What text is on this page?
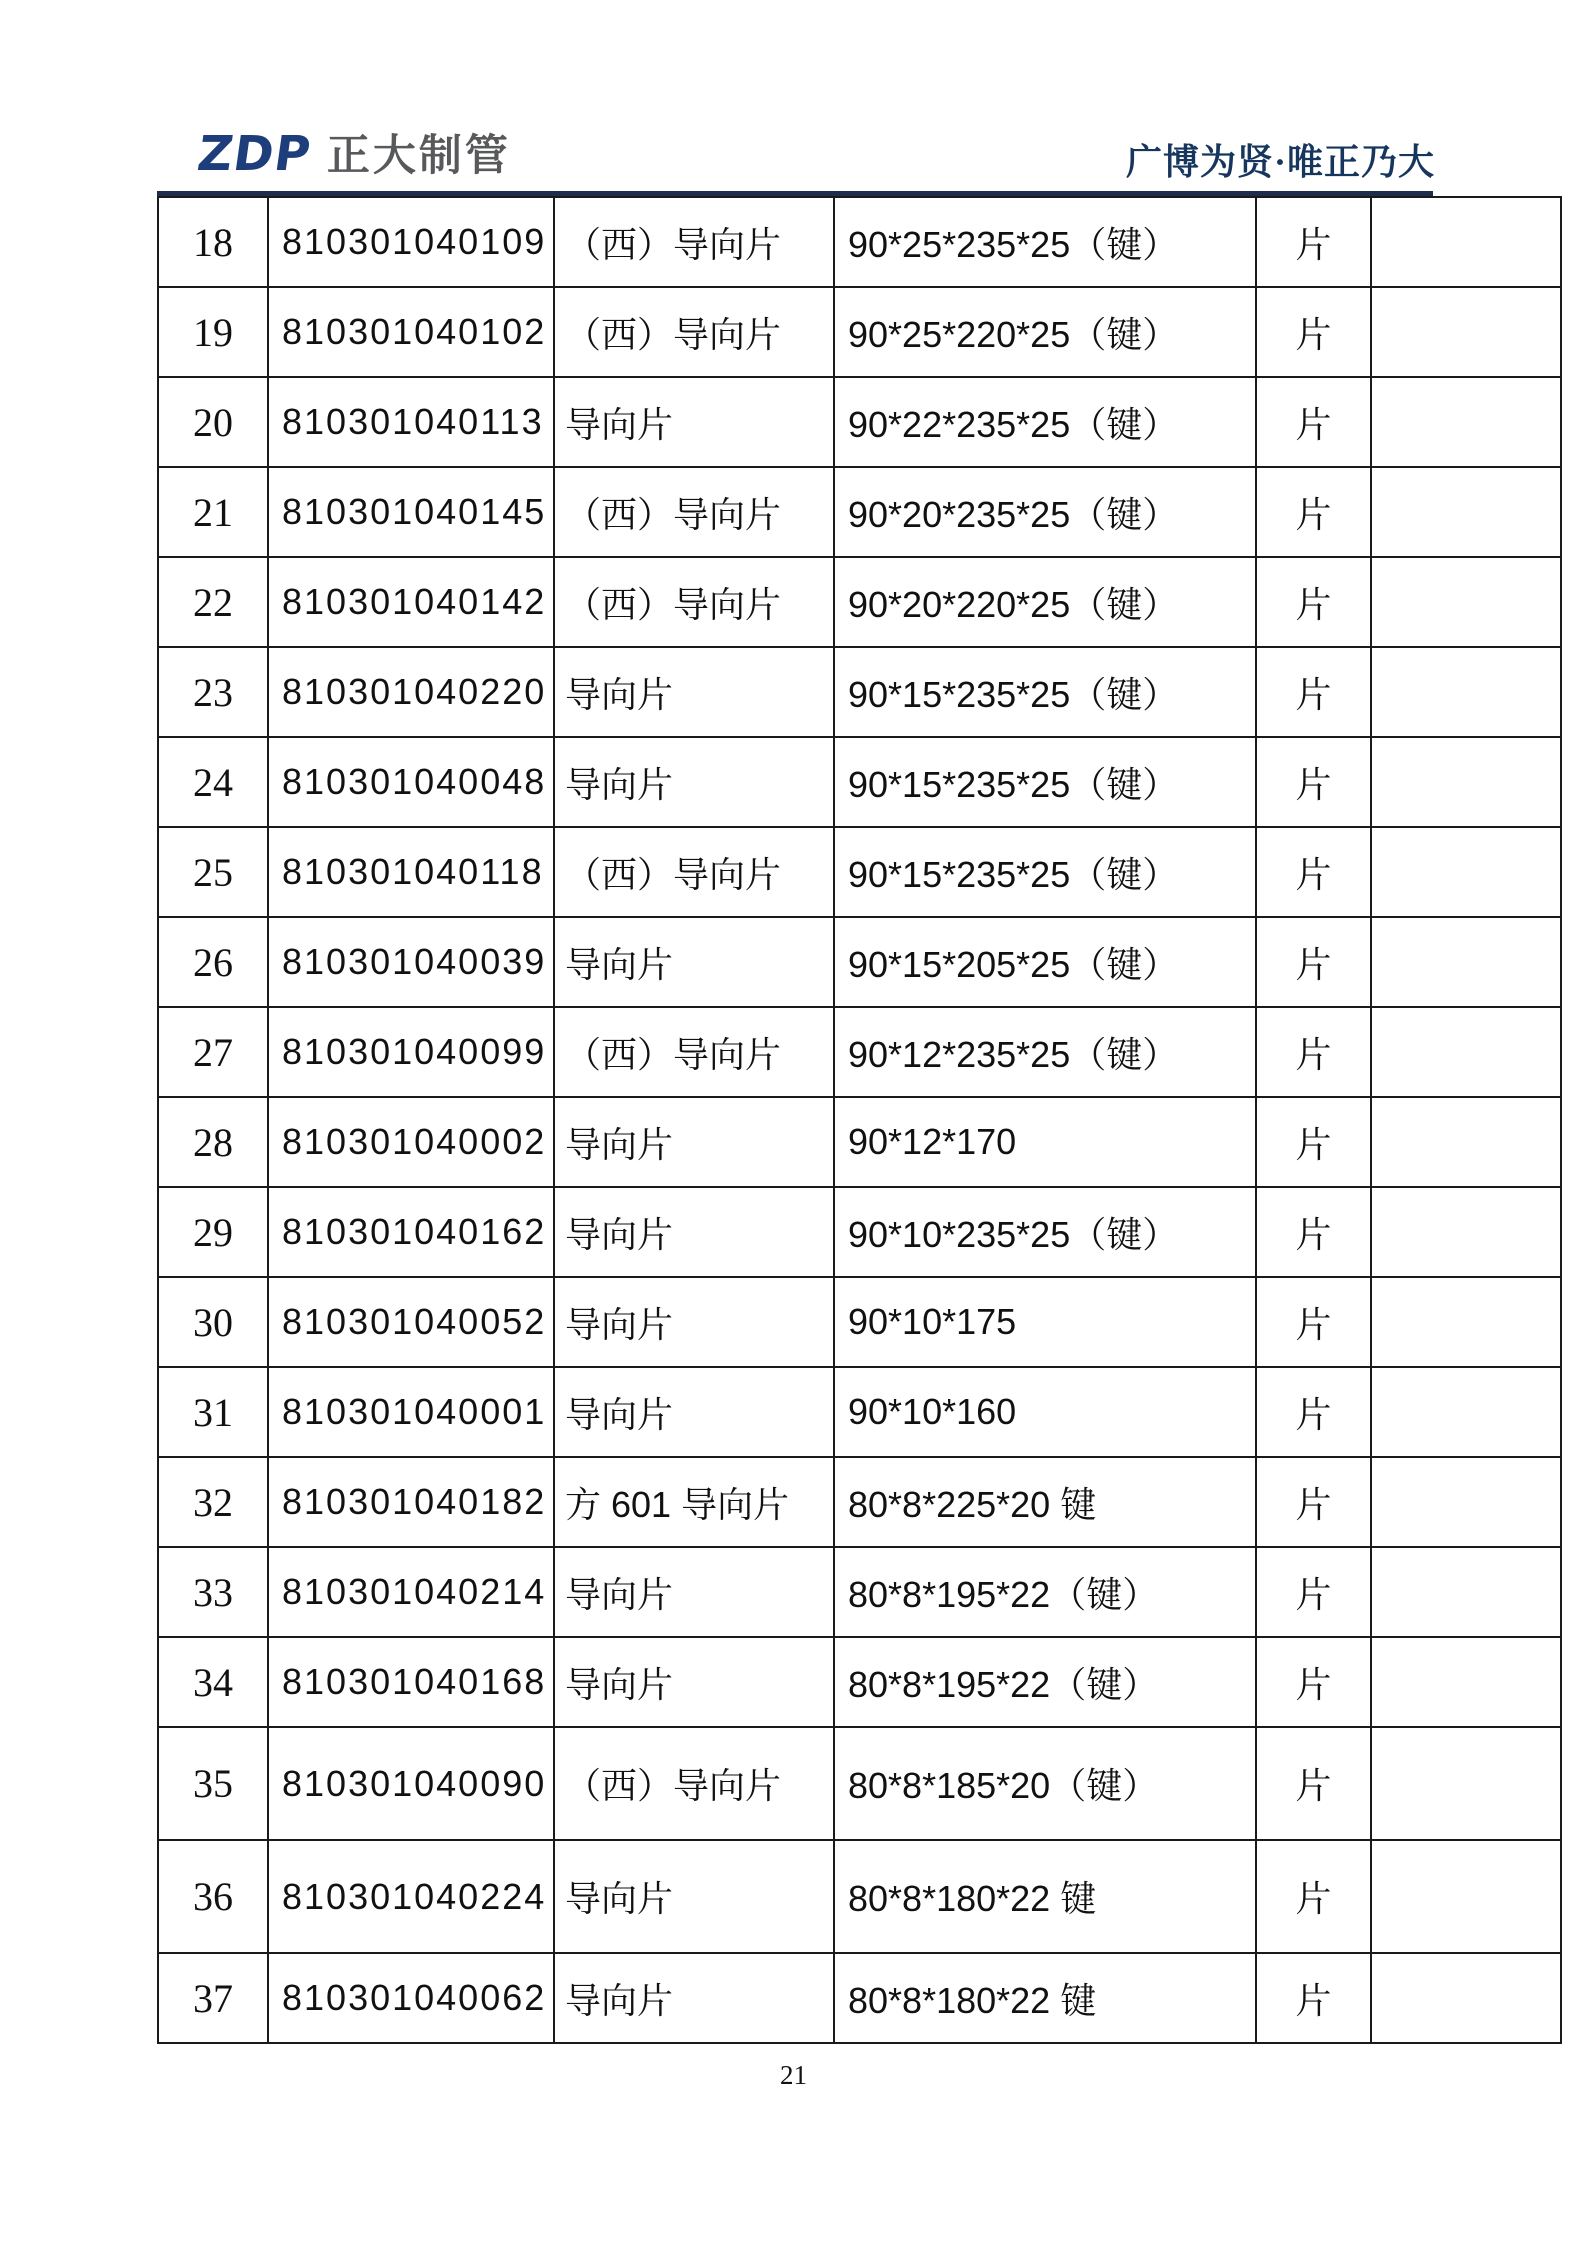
ZDP 正大制管	广博为贤·唯正乃大
18	810301040109	（西）导向片	90*25*235*25（键）	片	
19	810301040102	（西）导向片	90*25*220*25（键）	片	
20	810301040113	导向片	90*22*235*25（键）	片	
21	810301040145	（西）导向片	90*20*235*25（键）	片	
22	810301040142	（西）导向片	90*20*220*25（键）	片	
23	810301040220	导向片	90*15*235*25（键）	片	
24	810301040048	导向片	90*15*235*25（键）	片	
25	810301040118	（西）导向片	90*15*235*25（键）	片	
26	810301040039	导向片	90*15*205*25（键）	片	
27	810301040099	（西）导向片	90*12*235*25（键）	片	
28	810301040002	导向片	90*12*170	片	
29	810301040162	导向片	90*10*235*25（键）	片	
30	810301040052	导向片	90*10*175	片	
31	810301040001	导向片	90*10*160	片	
32	810301040182	方 601 导向片	80*8*225*20 键	片	
33	810301040214	导向片	80*8*195*22（键）	片	
34	810301040168	导向片	80*8*195*22（键）	片	
35	810301040090	（西）导向片	80*8*185*20（键）	片	
36	810301040224	导向片	80*8*180*22 键	片	
37	810301040062	导向片	80*8*180*22 键	片	
21
